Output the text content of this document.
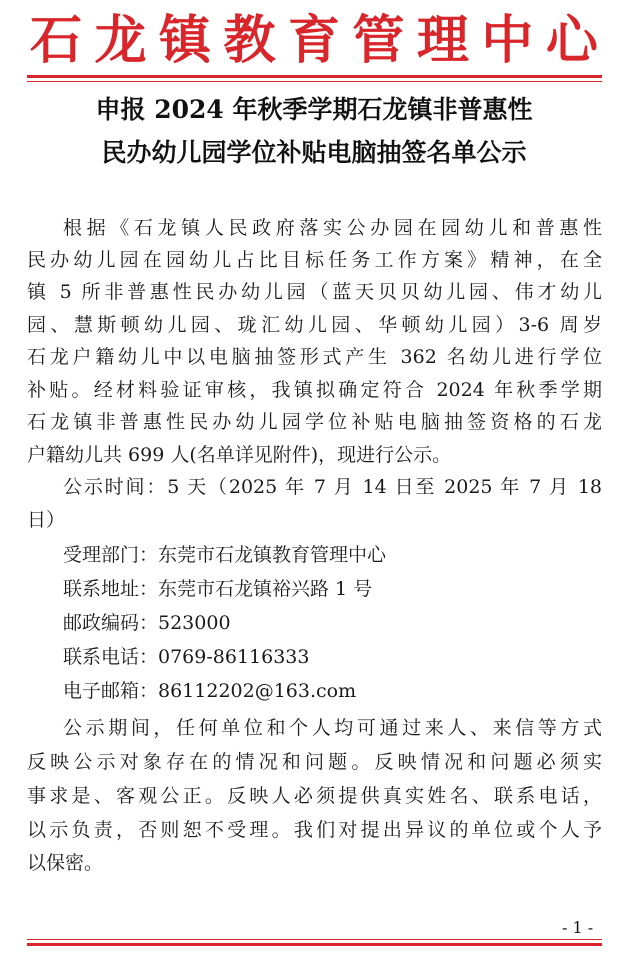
石 龙 镇 教 育 管 理 中 心
申报 2024 年秋季学期石龙镇非普惠性
民办幼儿园学位补贴电脑抽签名单公示
根据《石龙镇人民政府落实公办园在园幼儿和普惠性
民办幼儿园在园幼儿占比目标任务工作方案》精神，在全
镇 5 所非普惠性民办幼儿园（蓝天贝贝幼儿园、伟才幼儿
园、慧斯顿幼儿园、珑汇幼儿园、华顿幼儿园）3-6 周岁
石龙户籍幼儿中以电脑抽签形式产生 362 名幼儿进行学位
补贴。经材料验证审核，我镇拟确定符合 2024 年秋季学期
石龙镇非普惠性民办幼儿园学位补贴电脑抽签资格的石龙
户籍幼儿共 699 人(名单详见附件)，现进行公示。
公示时间：5 天（2025 年 7 月 14 日至 2025 年 7 月 18
日）
受理部门：东莞市石龙镇教育管理中心
联系地址：东莞市石龙镇裕兴路 1 号
邮政编码：523000
联系电话：0769-86116333
电子邮箱：86112202@163.com
公示期间，任何单位和个人均可通过来人、来信等方式
反映公示对象存在的情况和问题。反映情况和问题必须实
事求是、客观公正。反映人必须提供真实姓名、联系电话，
以示负责，否则恕不受理。我们对提出异议的单位或个人予
以保密。
- 1 -
